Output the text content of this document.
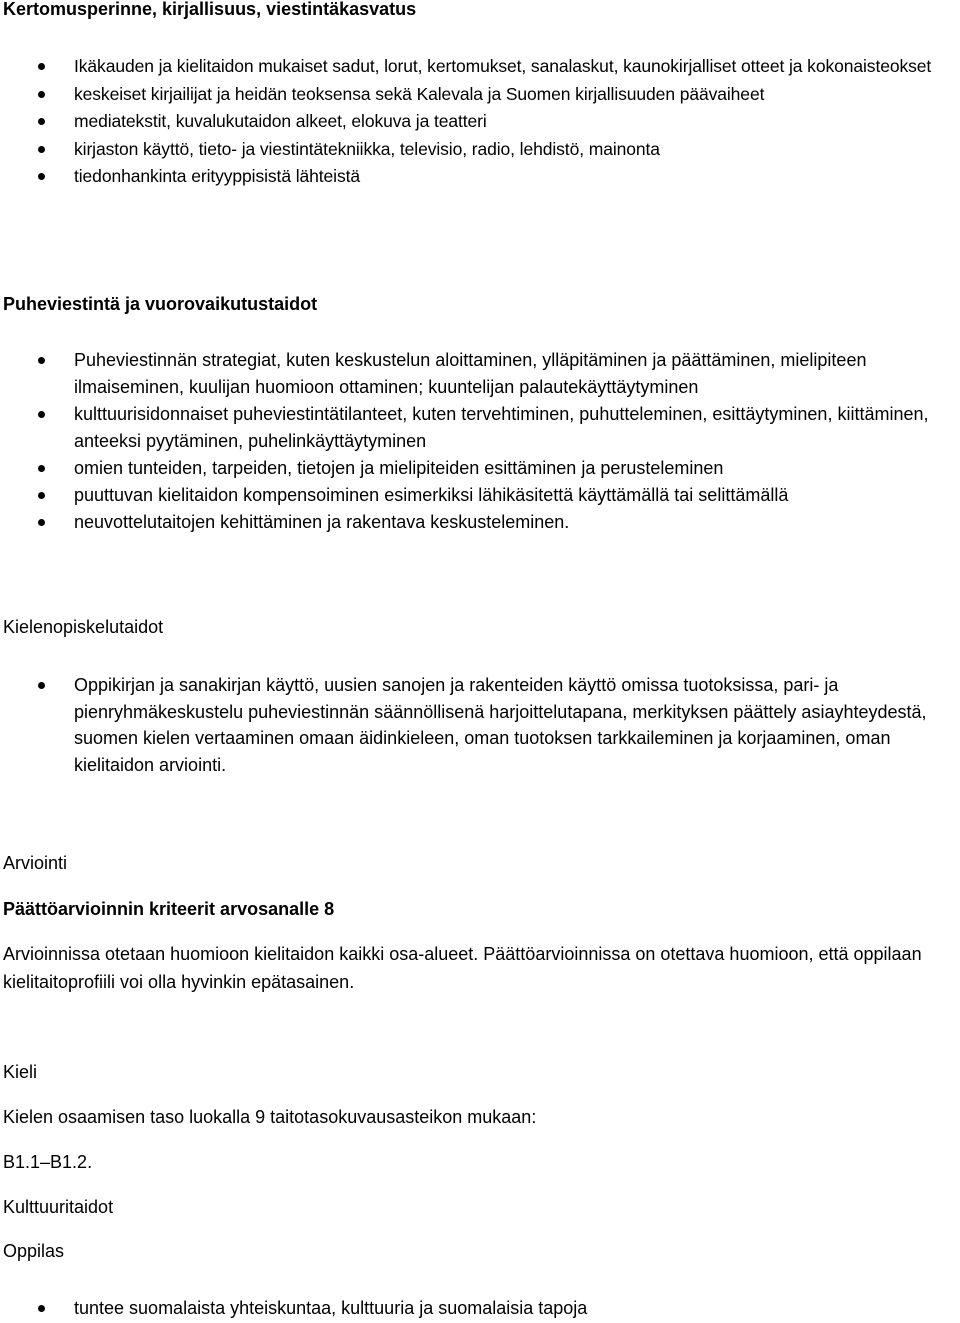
Kertomusperinne, kirjallisuus, viestintäkasvatus
Ikäkauden ja kielitaidon mukaiset sadut, lorut, kertomukset, sanalaskut, kaunokirjalliset otteet ja kokonaisteokset
keskeiset kirjailijat ja heidän teoksensa sekä Kalevala ja Suomen kirjallisuuden päävaiheet
mediatekstit, kuvalukutaidon alkeet, elokuva ja teatteri
kirjaston käyttö, tieto- ja viestintätekniikka, televisio, radio, lehdistö, mainonta
tiedonhankinta erityyppisistä lähteistä
Puheviestintä ja vuorovaikutustaidot
Puheviestinnän strategiat, kuten keskustelun aloittaminen, ylläpitäminen ja päättäminen, mielipiteen ilmaiseminen, kuulijan huomioon ottaminen; kuuntelijan palautekäyttäytyminen
kulttuurisidonnaiset puheviestintätilanteet, kuten tervehtiminen, puhutteleminen, esittäytyminen, kiittäminen, anteeksi pyytäminen, puhelinkäyttäytyminen
omien tunteiden, tarpeiden, tietojen ja mielipiteiden esittäminen ja perusteleminen
puuttuvan kielitaidon kompensoiminen esimerkiksi lähikäsitettä käyttämällä tai selittämällä
neuvottelutaitojen kehittäminen ja rakentava keskusteleminen.
Kielenopiskelutaidot
Oppikirjan ja sanakirjan käyttö, uusien sanojen ja rakenteiden käyttö omissa tuotoksissa, pari- ja pienryhmäkeskustelu puheviestinnän säännöllisenä harjoittelutapana, merkityksen päättely asiayhteydestä, suomen kielen vertaaminen omaan äidinkieleen, oman tuotoksen tarkkaileminen ja korjaaminen, oman kielitaidon arviointi.
Arviointi
Päättöarvioinnin kriteerit arvosanalle 8
Arvioinnissa otetaan huomioon kielitaidon kaikki osa-alueet. Päättöarvioinnissa on otettava huomioon, että oppilaan kielitaitoprofiili voi olla hyvinkin epätasainen.
Kieli
Kielen osaamisen taso luokalla 9 taitotasokuvausasteikon mukaan:
B1.1–B1.2.
Kulttuuritaidot
Oppilas
tuntee suomalaista yhteiskuntaa, kulttuuria ja suomalaisia tapoja
